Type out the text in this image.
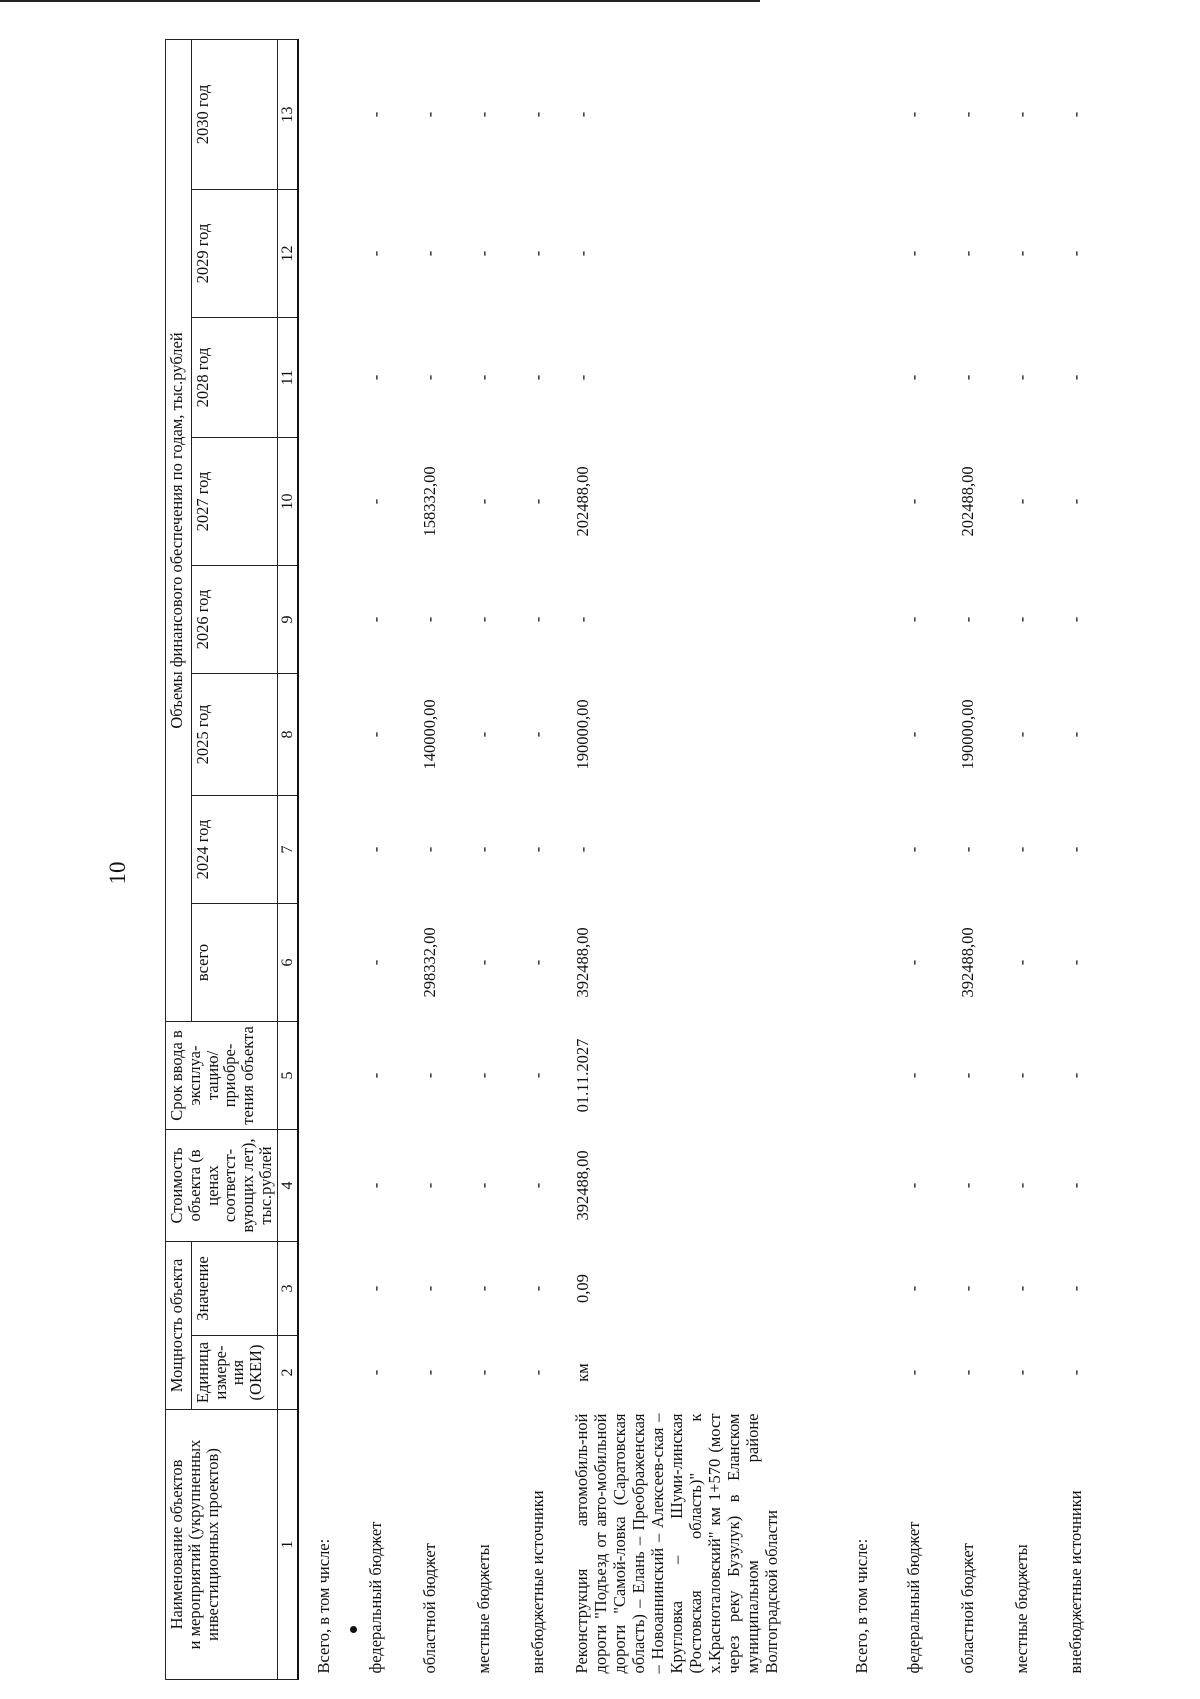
10
Наименование объектов
и мероприятий (укрупненных инвестиционных проектов)	Мощность объекта		Стоимость объекта (в ценах соответст-вующих лет), тыс.рублей	Срок ввода в эксплуа-тацию/ приобре-тения объекта	Объемы финансового обеспечения по годам, тыс.рублей							
	Единица измере-ния (ОКЕИ)	Значение			всего	2024 год	2025 год	2026 год	2027 год	2028 год	2029 год	2030 год
1	2	3	4	5	6	7	8	9	10	11	12	13
Всего, в том числе:												
федеральный бюджет	-	-	-	-	-	-	-	-	-	-	-	-
областной бюджет	-	-	-	-	298332,00	-	140000,00	-	158332,00	-	-	-
местные бюджеты	-	-	-	-	-	-	-	-	-	-	-	-
внебюджетные источники	-	-	-	-	-	-	-	-	-	-	-	-
Реконструкция автомобиль-ной дороги "Подъезд от авто-мобильной дороги "Самой-ловка (Саратовская область) – Елань – Преображенская – Новоаннинский – Алексеев-ская – Кругловка – Шуми-линская (Ростовская область)" к х.Красноталовский" км 1+570 (мост через реку Бузулук) в Еланском муниципальном районе Волгоградской области	км	0,09	392488,00	01.11.2027	392488,00	-	190000,00	-	202488,00	-	-	-
Всего, в том числе:												
федеральный бюджет	-	-	-	-	-	-	-	-	-	-	-	-
областной бюджет	-	-	-	-	392488,00	-	190000,00	-	202488,00	-	-	-
местные бюджеты	-	-	-	-	-	-	-	-	-	-	-	-
внебюджетные источники	-	-	-	-	-	-	-	-	-	-	-	-
